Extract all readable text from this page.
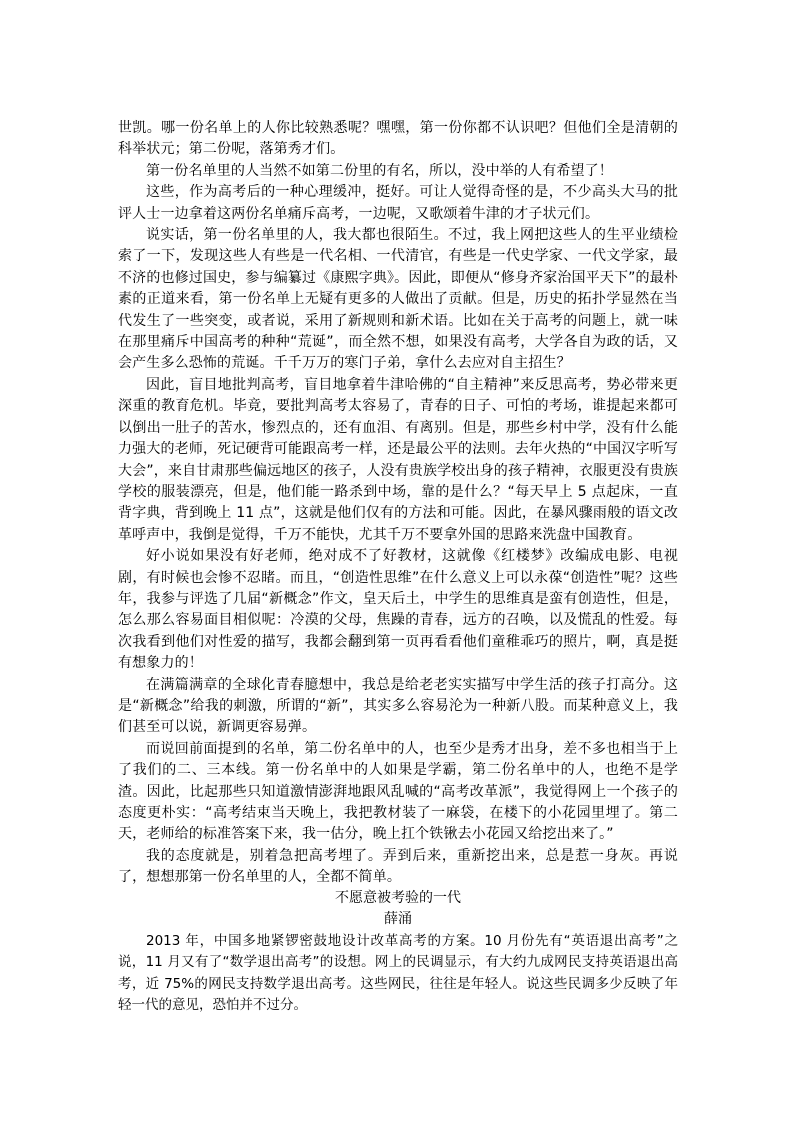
世凯。哪一份名单上的人你比较熟悉呢？嘿嘿，第一份你都不认识吧？但他们全是清朝的科举状元；第二份呢，落第秀才们。

第一份名单里的人当然不如第二份里的有名，所以，没中举的人有希望了！

这些，作为高考后的一种心理缓冲，挺好。可让人觉得奇怪的是，不少高头大马的批评人士一边拿着这两份名单痛斥高考，一边呢，又歌颂着牛津的才子状元们。

说实话，第一份名单里的人，我大都也很陌生。不过，我上网把这些人的生平业绩检索了一下，发现这些人有些是一代名相、一代清官，有些是一代史学家、一代文学家，最不济的也修过国史，参与编纂过《康熙字典》。因此，即便从“修身齐家治国平天下”的最朴素的正道来看，第一份名单上无疑有更多的人做出了贡献。但是，历史的拓扑学显然在当代发生了一些突变，或者说，采用了新规则和新术语。比如在关于高考的问题上，就一味在那里痛斥中国高考的种种“荒诞”，而全然不想，如果没有高考，大学各自为政的话，又会产生多么恐怖的荒诞。千千万万的寒门子弟，拿什么去应对自主招生？

因此，盲目地批判高考，盲目地拿着牛津哈佛的“自主精神”来反思高考，势必带来更深重的教育危机。毕竟，要批判高考太容易了，青春的日子、可怕的考场，谁提起来都可以倒出一肚子的苦水，惨烈点的，还有血泪、有离别。但是，那些乡村中学，没有什么能力强大的老师，死记硬背可能跟高考一样，还是最公平的法则。去年火热的“中国汉字听写大会”，来自甘肃那些偏远地区的孩子，人没有贵族学校出身的孩子精神，衣服更没有贵族学校的服装漂亮，但是，他们能一路杀到中场，靠的是什么？“每天早上 5 点起床，一直背字典，背到晚上 11 点”，这就是他们仅有的方法和可能。因此，在暴风骤雨般的语文改革呼声中，我倒是觉得，千万不能快，尤其千万不要拿外国的思路来洗盘中国教育。

好小说如果没有好老师，绝对成不了好教材，这就像《红楼梦》改编成电影、电视剧，有时候也会惨不忍睹。而且，“创造性思维”在什么意义上可以永葆“创造性”呢？这些年，我参与评选了几届“新概念”作文，皇天后土，中学生的思维真是蛮有创造性，但是，怎么那么容易面目相似呢：冷漠的父母，焦躁的青春，远方的召唤，以及慌乱的性爱。每次我看到他们对性爱的描写，我都会翻到第一页再看看他们童稚乖巧的照片，啊，真是挺有想象力的！

在满篇满章的全球化青春臆想中，我总是给老老实实描写中学生活的孩子打高分。这是“新概念”给我的刺激，所谓的“新”，其实多么容易沦为一种新八股。而某种意义上，我们甚至可以说，新调更容易弹。

而说回前面提到的名单，第二份名单中的人，也至少是秀才出身，差不多也相当于上了我们的二、三本线。第一份名单中的人如果是学霸，第二份名单中的人，也绝不是学渣。因此，比起那些只知道激情澎湃地跟风乱喊的“高考改革派”，我觉得网上一个孩子的态度更朴实：“高考结束当天晚上，我把教材装了一麻袋，在楼下的小花园里埋了。第二天，老师给的标准答案下来，我一估分，晚上扛个铁锹去小花园又给挖出来了。”

我的态度就是，别着急把高考埋了。弄到后来，重新挖出来，总是惹一身灰。再说了，想想那第一份名单里的人，全都不简单。

不愿意被考验的一代

薛涌

2013 年，中国多地紧锣密鼓地设计改革高考的方案。10 月份先有“英语退出高考”之说，11 月又有了“数学退出高考”的设想。网上的民调显示，有大约九成网民支持英语退出高考，近 75%的网民支持数学退出高考。这些网民，往往是年轻人。说这些民调多少反映了年轻一代的意见，恐怕并不过分。
